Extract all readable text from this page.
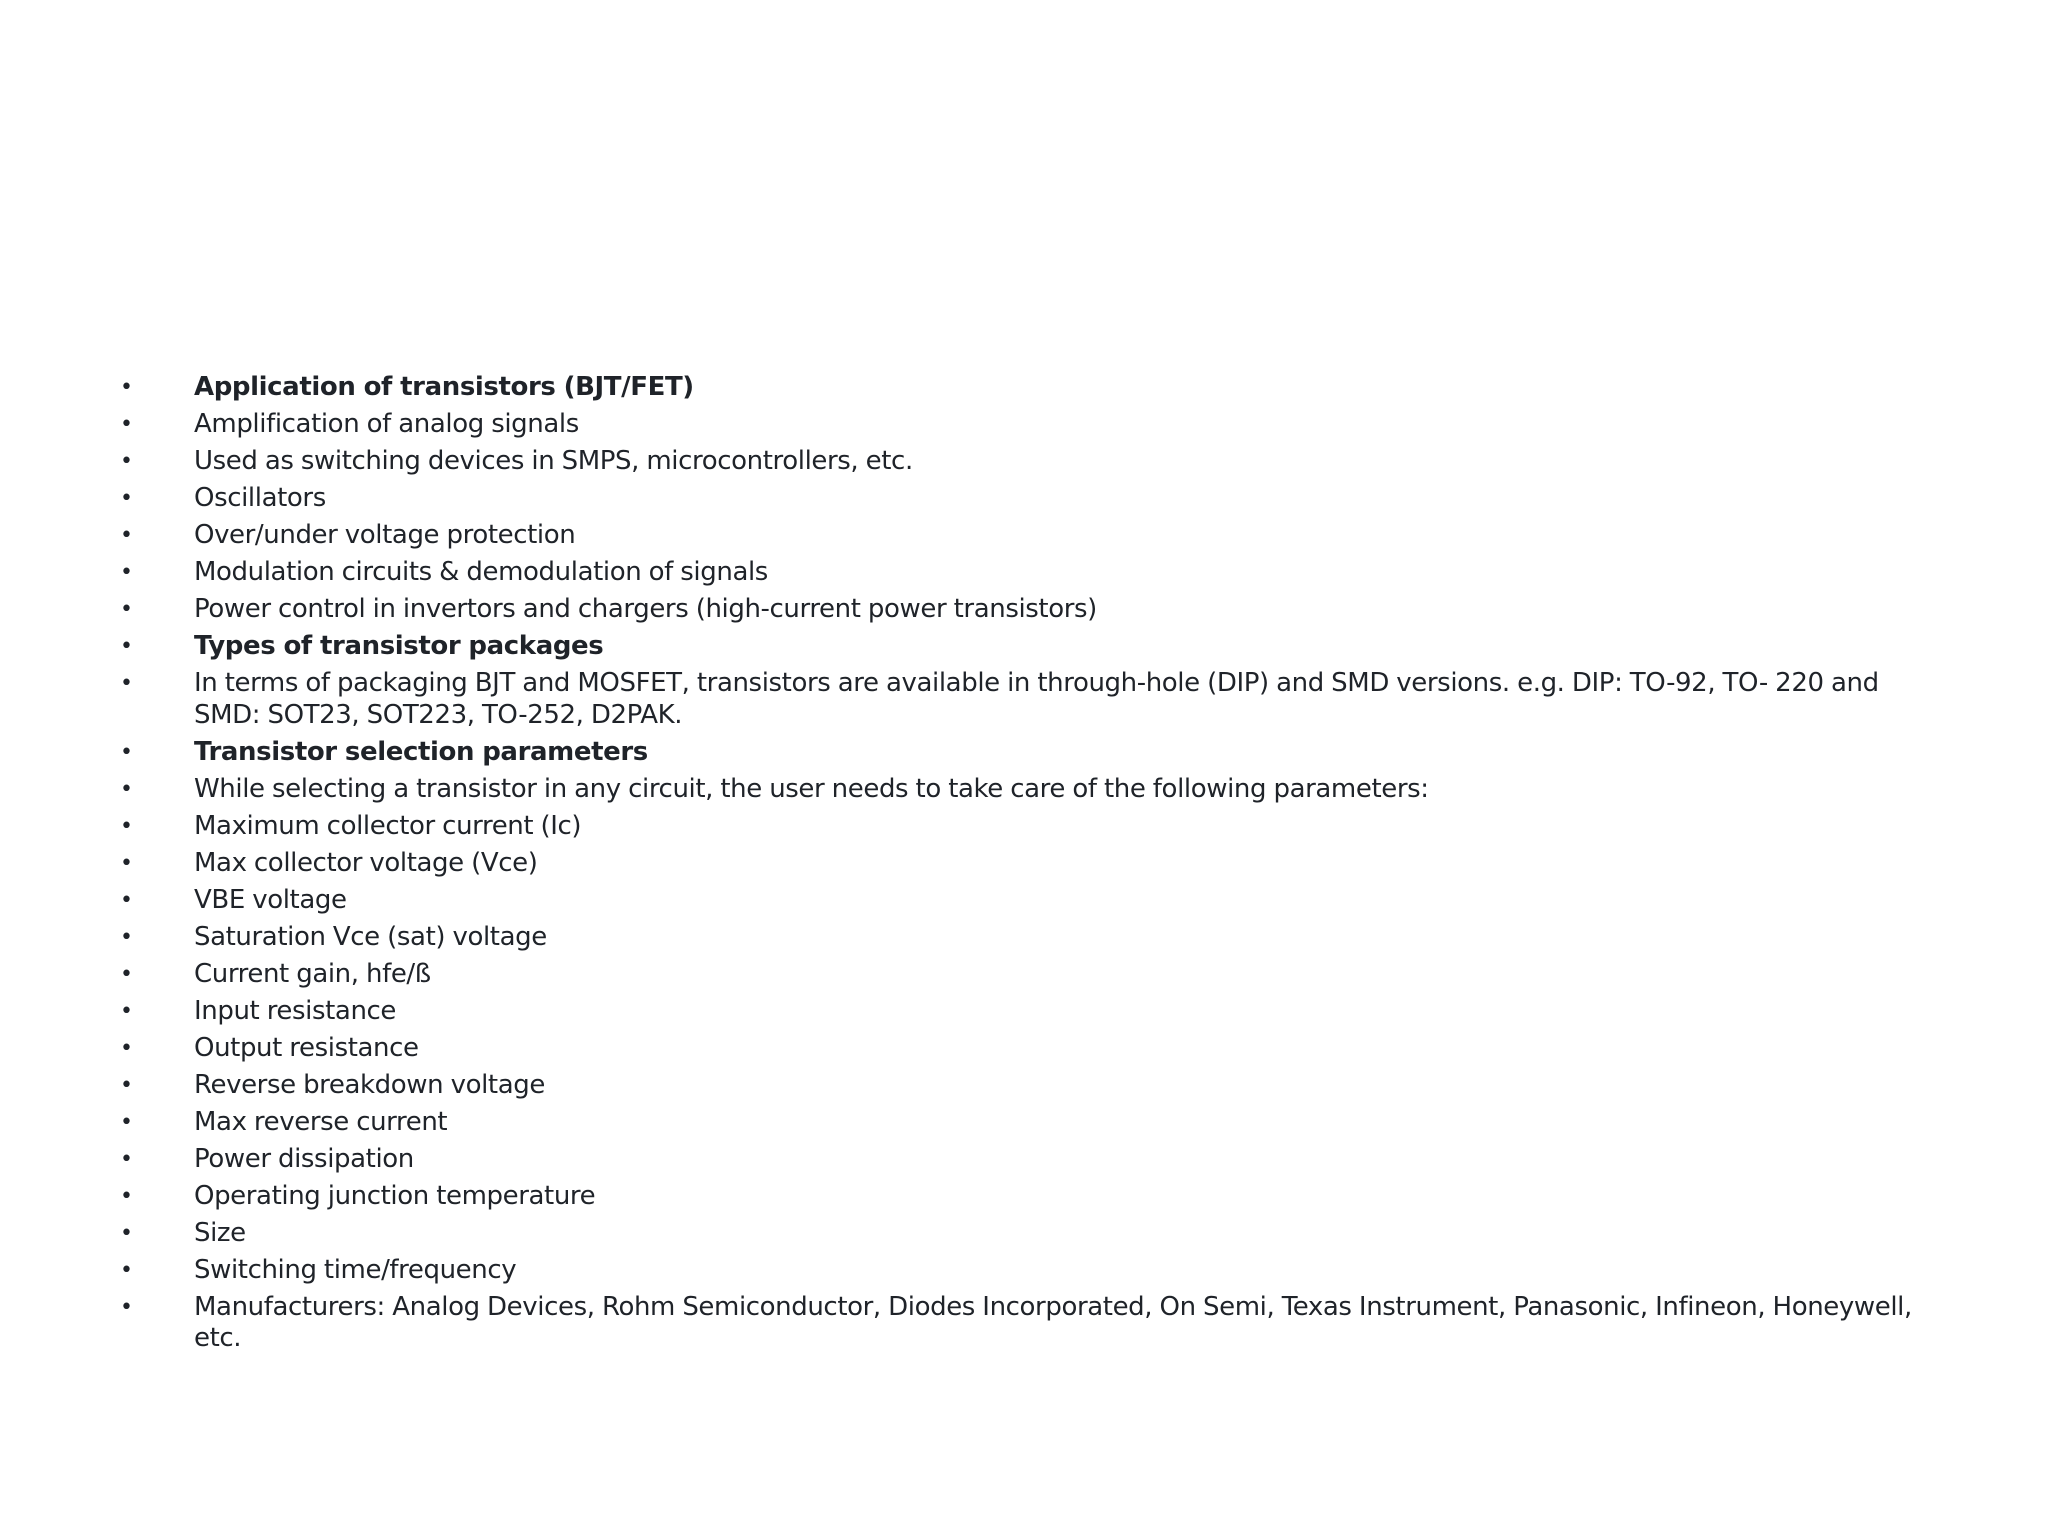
• Application of transistors (BJT/FET)
• Amplification of analog signals
• Used as switching devices in SMPS, microcontrollers, etc.
• Oscillators
• Over/under voltage protection
• Modulation circuits & demodulation of signals
• Power control in invertors and chargers (high-current power transistors)
• Types of transistor packages
• In terms of packaging BJT and MOSFET, transistors are available in through-hole (DIP) and SMD versions. e.g. DIP: TO-92, TO- 220 and SMD: SOT23, SOT223, TO-252, D2PAK.
• Transistor selection parameters
• While selecting a transistor in any circuit, the user needs to take care of the following parameters:
• Maximum collector current (Ic)
• Max collector voltage (Vce)
• VBE voltage
• Saturation Vce (sat) voltage
• Current gain, hfe/ß
• Input resistance
• Output resistance
• Reverse breakdown voltage
• Max reverse current
• Power dissipation
• Operating junction temperature
• Size
• Switching time/frequency
• Manufacturers: Analog Devices, Rohm Semiconductor, Diodes Incorporated, On Semi, Texas Instrument, Panasonic, Infineon, Honeywell, etc.
